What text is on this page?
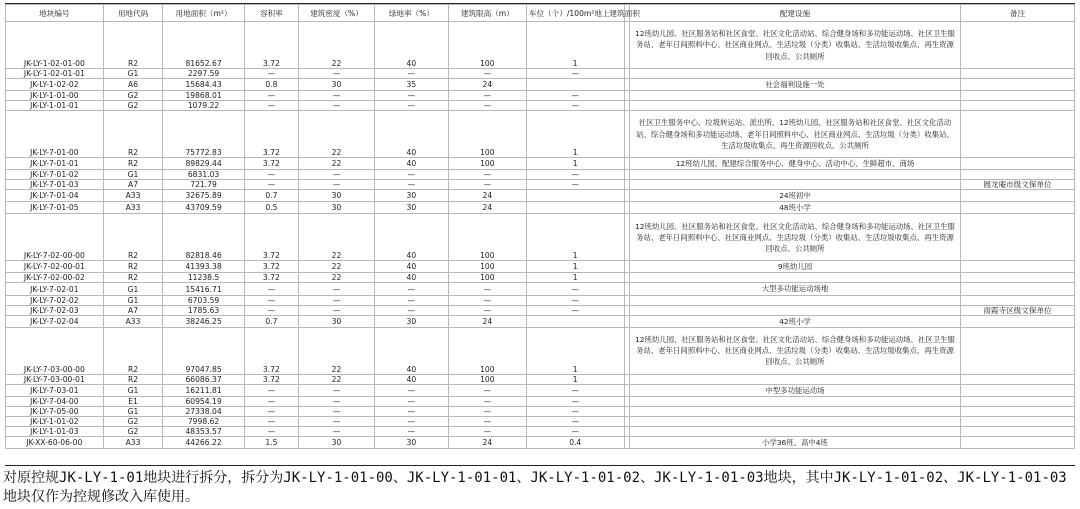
地块编号	用地代码	用地面积（m²）	容积率	建筑密度（%）	绿地率（%）	建筑限高（m）	车位（个）/100m²地上建筑面积		配建设施	备注
JK-LY-1-02-01-00	R2	81652.67	3.72	22	40	100	1		12班幼儿园、社区服务站和社区食堂、社区文化活动站、综合健身场和多功能运动场、社区卫生服务站、老年日间照料中心、社区商业网点、生活垃圾（分类）收集站、生活垃圾收集点、再生资源回收点、公共厕所	
JK-LY-1-02-01-01	G1	2297.59	—	—	—	—	—			
JK-LY-1-02-02	A6	15684.43	0.8	30	35	24			社会福利设施一处	
JK-LY-1-01-00	G2	19868.01	—	—	—	—	—			
JK-LY-1-01-01	G2	1079.22	—	—	—	—	—			
JK-LY-7-01-00	R2	75772.83	3.72	22	40	100	1		社区卫生服务中心、垃圾转运站、派出所、12班幼儿园、社区服务站和社区食堂、社区文化活动站、综合健身场和多功能运动场、老年日间照料中心、社区商业网点、生活垃圾（分类）收集站、生活垃圾收集点、再生资源回收点、公共厕所	
JK-LY-7-01-01	R2	89829.44	3.72	22	40	100	1		12班幼儿园、配建综合服务中心、健身中心、活动中心、生鲜超市、商场	
JK-LY-7-01-02	G1	6831.03	—	—	—	—	—			
JK-LY-7-01-03	A7	721.79	—	—	—	—	—			圆龙庵市级文保单位
JK-LY-7-01-04	A33	32675.89	0.7	30	30	24			24班初中	
JK-LY-7-01-05	A33	43709.59	0.5	30	30	24			48班小学	
JK-LY-7-02-00-00	R2	82818.46	3.72	22	40	100	1		12班幼儿园、社区服务站和社区食堂、社区文化活动站、综合健身场和多功能运动场、社区卫生服务站、老年日间照料中心、社区商业网点、生活垃圾（分类）收集站、生活垃圾收集点、再生资源回收点、公共厕所	
JK-LY-7-02-00-01	R2	41393.38	3.72	22	40	100	1		9班幼儿园	
JK-LY-7-02-00-02	R2	11238.5	3.72	22	40	100	1			
JK-LY-7-02-01	G1	15416.71	—	—	—	—	—		大型多功能运动场地	
JK-LY-7-02-02	G1	6703.59	—	—	—	—	—			
JK-LY-7-02-03	A7	1785.63	—	—	—	—	—			雨霞寺区级文保单位
JK-LY-7-02-04	A33	38246.25	0.7	30	30	24			42班小学	
JK-LY-7-03-00-00	R2	97047.85	3.72	22	40	100	1		12班幼儿园、社区服务站和社区食堂、社区文化活动站、综合健身场和多功能运动场、社区卫生服务站、老年日间照料中心、社区商业网点、生活垃圾（分类）收集站、生活垃圾收集点、再生资源回收点、公共厕所	
JK-LY-7-03-00-01	R2	66086.37	3.72	22	40	100	1			
JK-LY-7-03-01	G1	16211.81	—	—	—	—	—		中型多功能运动场	
JK-LY-7-04-00	E1	60954.19	—	—	—	—	—			
JK-LY-7-05-00	G1	27338.04	—	—	—	—	—			
JK-LY-1-01-02	G2	7998.62	—	—	—	—	—			
JK-LY-1-01-03	G2	48353.57	—	—	—	—	—			
JK-XX-60-06-00	A33	44266.22	1.5	30	30	24	0.4		小学36班、高中4班	
对原控规JK-LY-1-01地块进行拆分，拆分为JK-LY-1-01-00、JK-LY-1-01-01、JK-LY-1-01-02、JK-LY-1-01-03地块，其中JK-LY-1-01-02、JK-LY-1-01-03地块仅作为控规修改入库使用。
